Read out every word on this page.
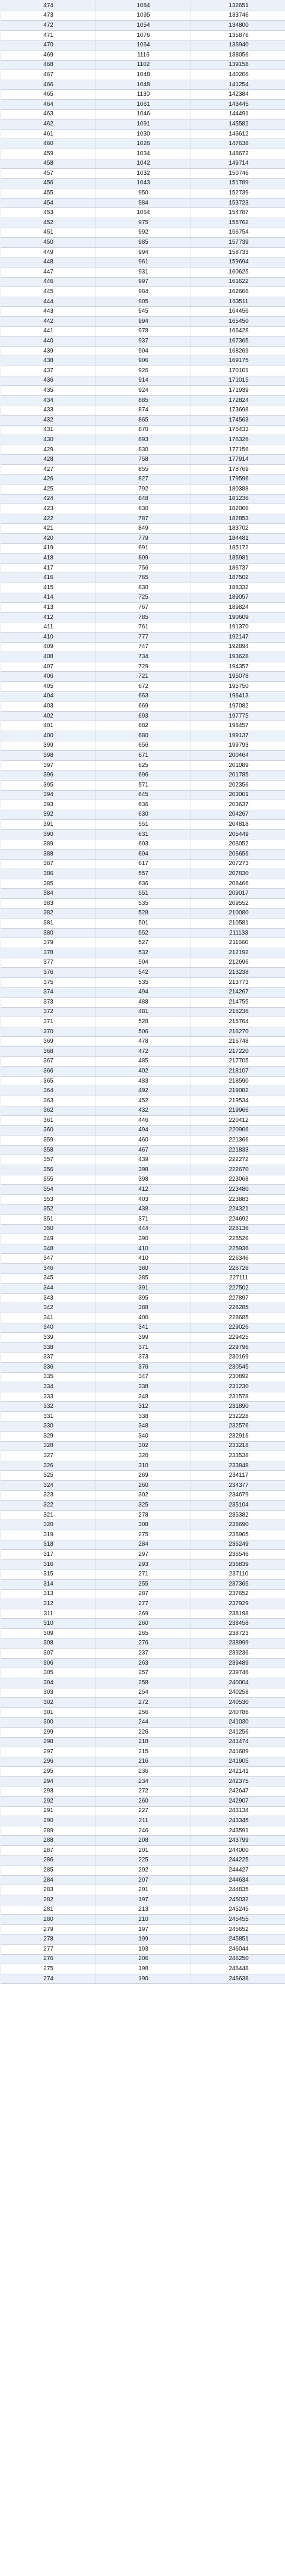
474	1084	132651
473	1095	133746
472	1054	134800
471	1076	135876
470	1064	136940
469	1116	138056
468	1102	139158
467	1048	140206
466	1048	141254
465	1130	142384
464	1061	143445
463	1046	144491
462	1091	145582
461	1030	146612
460	1026	147638
459	1034	148672
458	1042	149714
457	1032	150746
456	1043	151789
455	950	152739
454	984	153723
453	1064	154787
452	975	155762
451	992	156754
450	985	157739
449	994	158733
448	961	159694
447	931	160625
446	997	161622
445	984	162606
444	905	163511
443	945	164456
442	994	165450
441	978	166428
440	937	167365
439	904	168269
438	906	169175
437	926	170101
436	914	171015
435	924	171939
434	885	172824
433	874	173698
432	865	174563
431	870	175433
430	893	176326
429	830	177156
428	758	177914
427	855	178769
426	827	179596
425	792	180388
424	848	181236
423	830	182066
422	787	182853
421	849	183702
420	779	184481
419	691	185172
418	809	185981
417	756	186737
416	765	187502
415	830	188332
414	725	189057
413	767	189824
412	785	190609
411	761	191370
410	777	192147
409	747	192894
408	734	193628
407	729	194357
406	721	195078
405	672	195750
404	663	196413
403	669	197082
402	693	197775
401	682	198457
400	680	199137
399	656	199793
398	671	200464
397	625	201089
396	696	201785
395	571	202356
394	645	203001
393	636	203637
392	630	204267
391	551	204818
390	631	205449
389	603	206052
388	604	206656
387	617	207273
386	557	207830
385	636	208466
384	551	209017
383	535	209552
382	528	210080
381	501	210581
380	552	211133
379	527	211660
378	532	212192
377	504	212696
376	542	213238
375	535	213773
374	494	214267
373	488	214755
372	481	215236
371	528	215764
370	506	216270
369	478	216748
368	472	217220
367	485	217705
366	402	218107
365	483	218590
364	492	219082
363	452	219534
362	432	219966
361	446	220412
360	494	220906
359	460	221366
358	467	221833
357	439	222272
356	398	222670
355	398	223068
354	412	223480
353	403	223883
352	438	224321
351	371	224692
350	444	225136
349	390	225526
348	410	225936
347	410	226346
346	380	226726
345	385	227111
344	391	227502
343	395	227897
342	388	228285
341	400	228685
340	341	229026
339	399	229425
338	371	229796
337	373	230169
336	376	230545
335	347	230892
334	338	231230
333	348	231578
332	312	231890
331	338	232228
330	348	232576
329	340	232916
328	302	233218
327	320	233538
326	310	233848
325	269	234117
324	260	234377
323	302	234679
322	325	235104
321	278	235382
320	308	235690
319	275	235965
318	284	236249
317	297	236546
316	293	236839
315	271	237110
314	255	237365
313	287	237652
312	277	237929
311	269	238198
310	260	238458
309	265	238723
308	276	238999
307	237	239236
306	263	239489
305	257	239746
304	258	240004
303	254	240258
302	272	240530
301	256	240786
300	244	241030
299	226	241256
298	218	241474
297	215	241689
296	216	241905
295	236	242141
294	234	242375
293	272	242647
292	260	242907
291	227	243134
290	211	243345
289	246	243591
288	208	243799
287	201	244000
286	225	244225
285	202	244427
284	207	244634
283	201	244835
282	197	245032
281	213	245245
280	210	245455
279	197	245652
278	199	245851
277	193	246044
276	206	246250
275	198	246448
274	190	246638
